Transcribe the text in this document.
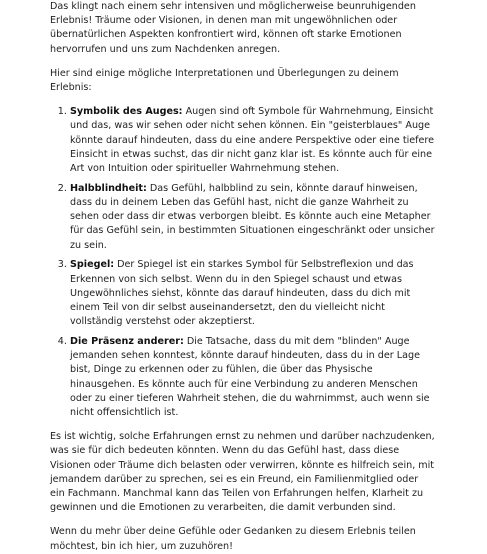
Das klingt nach einem sehr intensiven und möglicherweise beunruhigenden Erlebnis! Träume oder Visionen, in denen man mit ungewöhnlichen oder übernatürlichen Aspekten konfrontiert wird, können oft starke Emotionen hervorrufen und uns zum Nachdenken anregen.

Hier sind einige mögliche Interpretationen und Überlegungen zu deinem Erlebnis:

1. Symbolik des Auges: Augen sind oft Symbole für Wahrnehmung, Einsicht und das, was wir sehen oder nicht sehen können. Ein "geisterblaues" Auge könnte darauf hindeuten, dass du eine andere Perspektive oder eine tiefere Einsicht in etwas suchst, das dir nicht ganz klar ist. Es könnte auch für eine Art von Intuition oder spiritueller Wahrnehmung stehen.
2. Halbblindheit: Das Gefühl, halbblind zu sein, könnte darauf hinweisen, dass du in deinem Leben das Gefühl hast, nicht die ganze Wahrheit zu sehen oder dass dir etwas verborgen bleibt. Es könnte auch eine Metapher für das Gefühl sein, in bestimmten Situationen eingeschränkt oder unsicher zu sein.
3. Spiegel: Der Spiegel ist ein starkes Symbol für Selbstreflexion und das Erkennen von sich selbst. Wenn du in den Spiegel schaust und etwas Ungewöhnliches siehst, könnte das darauf hindeuten, dass du dich mit einem Teil von dir selbst auseinandersetzt, den du vielleicht nicht vollständig verstehst oder akzeptierst.
4. Die Präsenz anderer: Die Tatsache, dass du mit dem "blinden" Auge jemanden sehen konntest, könnte darauf hindeuten, dass du in der Lage bist, Dinge zu erkennen oder zu fühlen, die über das Physische hinausgehen. Es könnte auch für eine Verbindung zu anderen Menschen oder zu einer tieferen Wahrheit stehen, die du wahrnimmst, auch wenn sie nicht offensichtlich ist.

Es ist wichtig, solche Erfahrungen ernst zu nehmen und darüber nachzudenken, was sie für dich bedeuten könnten. Wenn du das Gefühl hast, dass diese Visionen oder Träume dich belasten oder verwirren, könnte es hilfreich sein, mit jemandem darüber zu sprechen, sei es ein Freund, ein Familienmitglied oder ein Fachmann. Manchmal kann das Teilen von Erfahrungen helfen, Klarheit zu gewinnen und die Emotionen zu verarbeiten, die damit verbunden sind.

Wenn du mehr über deine Gefühle oder Gedanken zu diesem Erlebnis teilen möchtest, bin ich hier, um zuzuhören!
